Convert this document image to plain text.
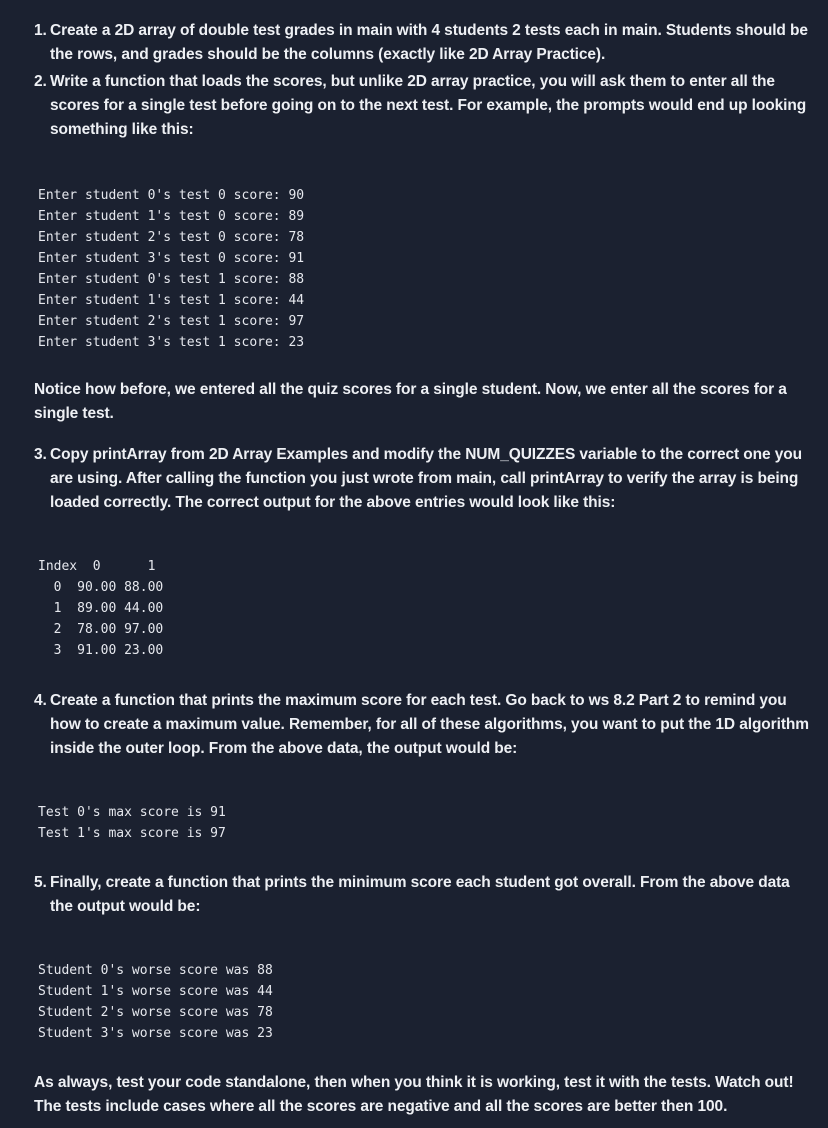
1. Create a 2D array of double test grades in main with 4 students 2 tests each in main. Students should be the rows, and grades should be the columns (exactly like 2D Array Practice).
2. Write a function that loads the scores, but unlike 2D array practice, you will ask them to enter all the scores for a single test before going on to the next test. For example, the prompts would end up looking something like this:
Enter student 0's test 0 score: 90
Enter student 1's test 0 score: 89
Enter student 2's test 0 score: 78
Enter student 3's test 0 score: 91
Enter student 0's test 1 score: 88
Enter student 1's test 1 score: 44
Enter student 2's test 1 score: 97
Enter student 3's test 1 score: 23
Notice how before, we entered all the quiz scores for a single student. Now, we enter all the scores for a single test.
3. Copy printArray from 2D Array Examples and modify the NUM_QUIZZES variable to the correct one you are using. After calling the function you just wrote from main, call printArray to verify the array is being loaded correctly. The correct output for the above entries would look like this:
Index  0      1
0  90.00 88.00
1  89.00 44.00
2  78.00 97.00
3  91.00 23.00
4. Create a function that prints the maximum score for each test. Go back to ws 8.2 Part 2 to remind you how to create a maximum value. Remember, for all of these algorithms, you want to put the 1D algorithm inside the outer loop. From the above data, the output would be:
Test 0's max score is 91
Test 1's max score is 97
5. Finally, create a function that prints the minimum score each student got overall. From the above data the output would be:
Student 0's worse score was 88
Student 1's worse score was 44
Student 2's worse score was 78
Student 3's worse score was 23
As always, test your code standalone, then when you think it is working, test it with the tests. Watch out! The tests include cases where all the scores are negative and all the scores are better then 100.
